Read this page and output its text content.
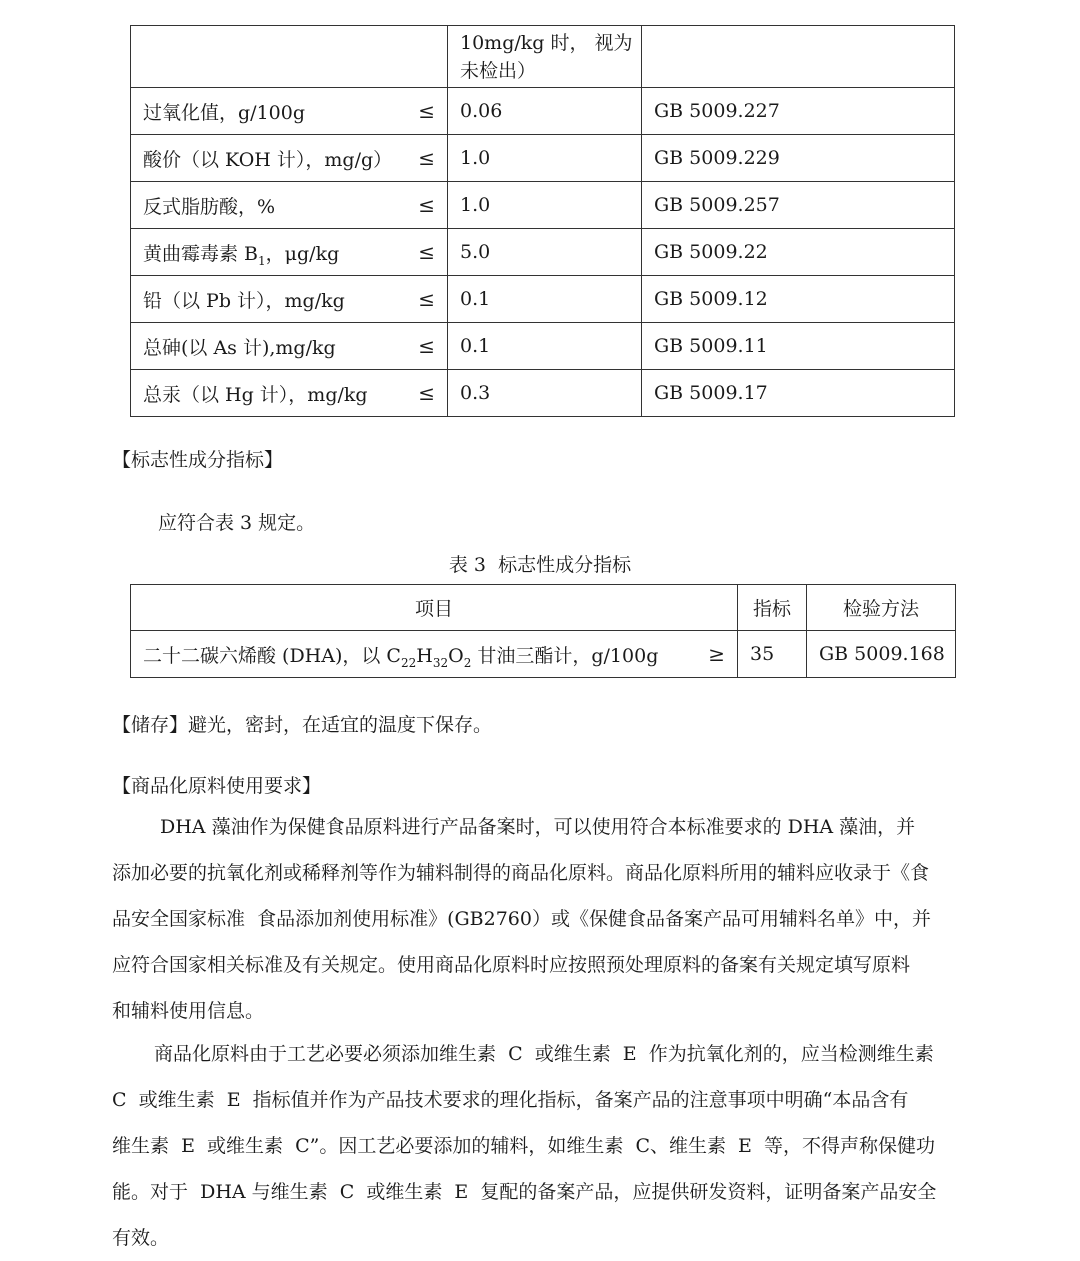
	10mg/kg 时， 视为
未检出）	

过氧化值，g/100g ≤	0.06	GB 5009.227
酸价（以 KOH 计），mg/g） ≤	1.0	GB 5009.229
反式脂肪酸，% ≤	1.0	GB 5009.257
黄曲霉毒素 $B_1$，μg/kg ≤	5.0	GB 5009.22
铅（以 Pb 计），mg/kg ≤	0.1	GB 5009.12
总砷(以 As 计),mg/kg ≤	0.1	GB 5009.11
总汞（以 Hg 计），mg/kg ≤	0.3	GB 5009.17
【标志性成分指标】
应符合表 3 规定。
表 3  标志性成分指标
项目	指标	检验方法
二十二碳六烯酸 (DHA)，以 $C_{22}H_{32}O_2$ 甘油三酯计，g/100g ≥	35	GB 5009.168
【储存】避光，密封，在适宜的温度下保存。
【商品化原料使用要求】
DHA 藻油作为保健食品原料进行产品备案时，可以使用符合本标准要求的 DHA 藻油，并
添加必要的抗氧化剂或稀释剂等作为辅料制得的商品化原料。商品化原料所用的辅料应收录于《食
品安全国家标准  食品添加剂使用标准》(GB2760）或《保健食品备案产品可用辅料名单》中，并
应符合国家相关标准及有关规定。使用商品化原料时应按照预处理原料的备案有关规定填写原料
和辅料使用信息。
商品化原料由于工艺必要必须添加维生素  C  或维生素  E  作为抗氧化剂的，应当检测维生素
C  或维生素  E  指标值并作为产品技术要求的理化指标，备案产品的注意事项中明确“本品含有
维生素  E  或维生素  C”。因工艺必要添加的辅料，如维生素  C、维生素  E  等，不得声称保健功
能。对于  DHA 与维生素  C  或维生素  E  复配的备案产品，应提供研发资料，证明备案产品安全
有效。
